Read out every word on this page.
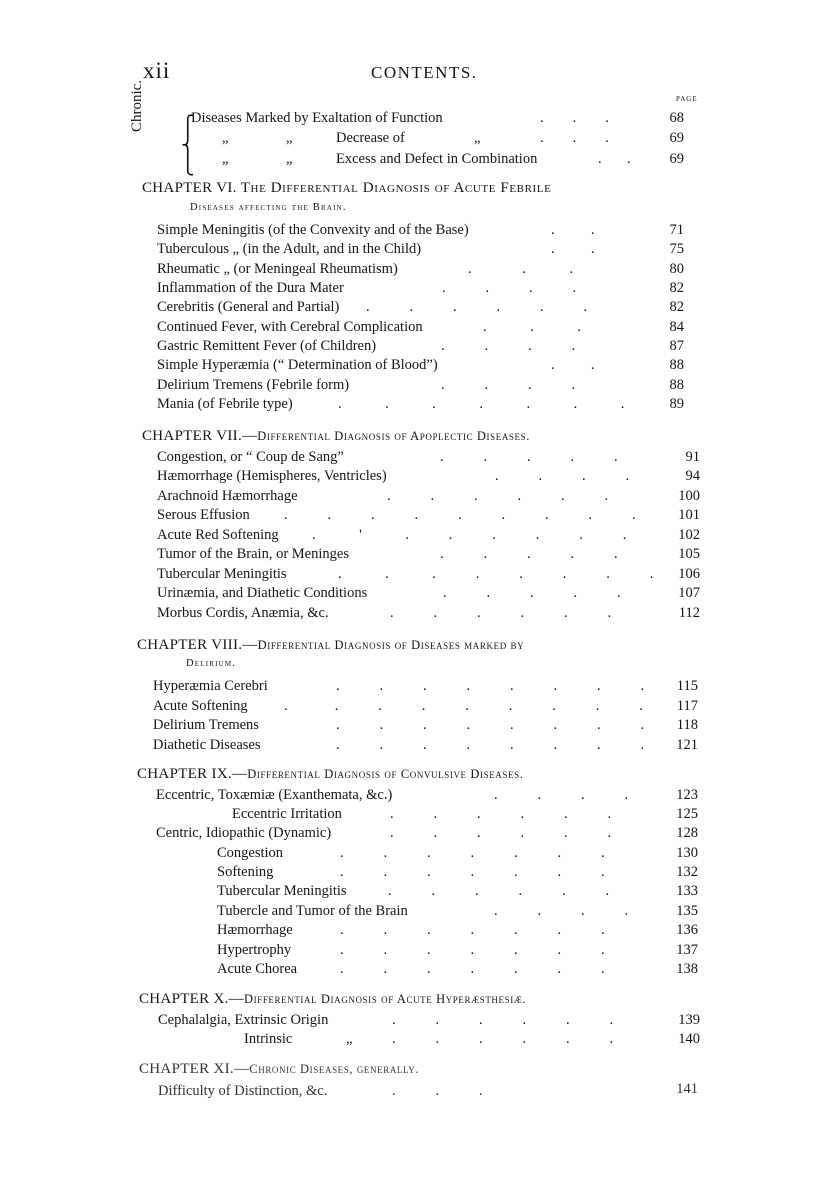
xii	CONTENTS.
PAGE
Chronic. ⎧
⎨
⎩
Diseases Marked by Exaltation of Function	.        .        .	68
„	„	Decrease of	„	.        .        .	69
„	„	Excess and Defect in Combination	.       .	69
CHAPTER VI. The Differential Diagnosis of Acute Febrile
Diseases affecting the Brain.
Simple Meningitis (of the Convexity and of the Base)	.          .	71
Tuberculous „ (in the Adult, and in the Child)	.          .	75
Rheumatic „ (or Meningeal Rheumatism)	.              .            .	80
Inflammation of the Dura Mater	.           .           .           .	82
Cerebritis (General and Partial) .           .           .           .           .           .	82
Continued Fever, with Cerebral Complication	.            .            .	84
Gastric Remittent Fever (of Children)	.           .           .           .	87
Simple Hyperæmia (“ Determination of Blood”)	.          .	88
Delirium Tremens (Febrile form)	.           .           .           .	88
Mania (of Febrile type)	.            .            .            .            .            .            .	89
CHAPTER VII.—Differential Diagnosis of Apoplectic Diseases.
Congestion, or “ Coup de Sang”	.           .           .           .           .	91
Hæmorrhage (Hemispheres, Ventricles)	.           .           .           .	94
Arachnoid Hæmorrhage	.           .           .           .           .           .	100
Serous Effusion .           .           .           .           .           .           .           .           .	101
Acute Red Softening .            '            .           .           .           .           .           .	102
Tumor of the Brain, or Meninges	.           .           .           .           .	105
Tubercular Meningitis	.            .            .           .           .           .           .           .	106
Urinæmia, and Diathetic Conditions	.           .           .           .           .	107
Morbus Cordis, Anæmia, &c.	.           .           .           .           .           .	112
CHAPTER VIII.—Differential Diagnosis of Diseases marked by
Delirium.
Hyperæmia Cerebri	.           .           .           .           .           .           .           .	115
Acute Softening	.             .           .           .           .           .           .           .           .	117
Delirium Tremens	.           .           .           .           .           .           .           .	118
Diathetic Diseases	.           .           .           .           .           .           .           .	121
CHAPTER IX.—Differential Diagnosis of Convulsive Diseases.
Eccentric, Toxæmiæ (Exanthemata, &c.)	.           .           .           .	123
Eccentric Irritation	.           .           .           .           .           .	125
Centric, Idiopathic (Dynamic)	.           .           .           .           .           .	128
Congestion	.           .           .           .           .           .           .	130
Softening	.           .           .           .           .           .           .	132
Tubercular Meningitis	.           .           .           .           .           .	133
Tubercle and Tumor of the Brain	.           .           .           .	135
Hæmorrhage	.           .           .           .           .           .           .	136
Hypertrophy	.           .           .           .           .           .           .	137
Acute Chorea	.           .           .           .           .           .           .	138
CHAPTER X.—Differential Diagnosis of Acute Hyperæsthesiæ.
Cephalalgia, Extrinsic Origin	.           .           .           .           .           .	139
Intrinsic	„	.           .           .           .           .           .	140
CHAPTER XI.—Chronic Diseases, generally.
Difficulty of Distinction, &c.	.           .           .	141
